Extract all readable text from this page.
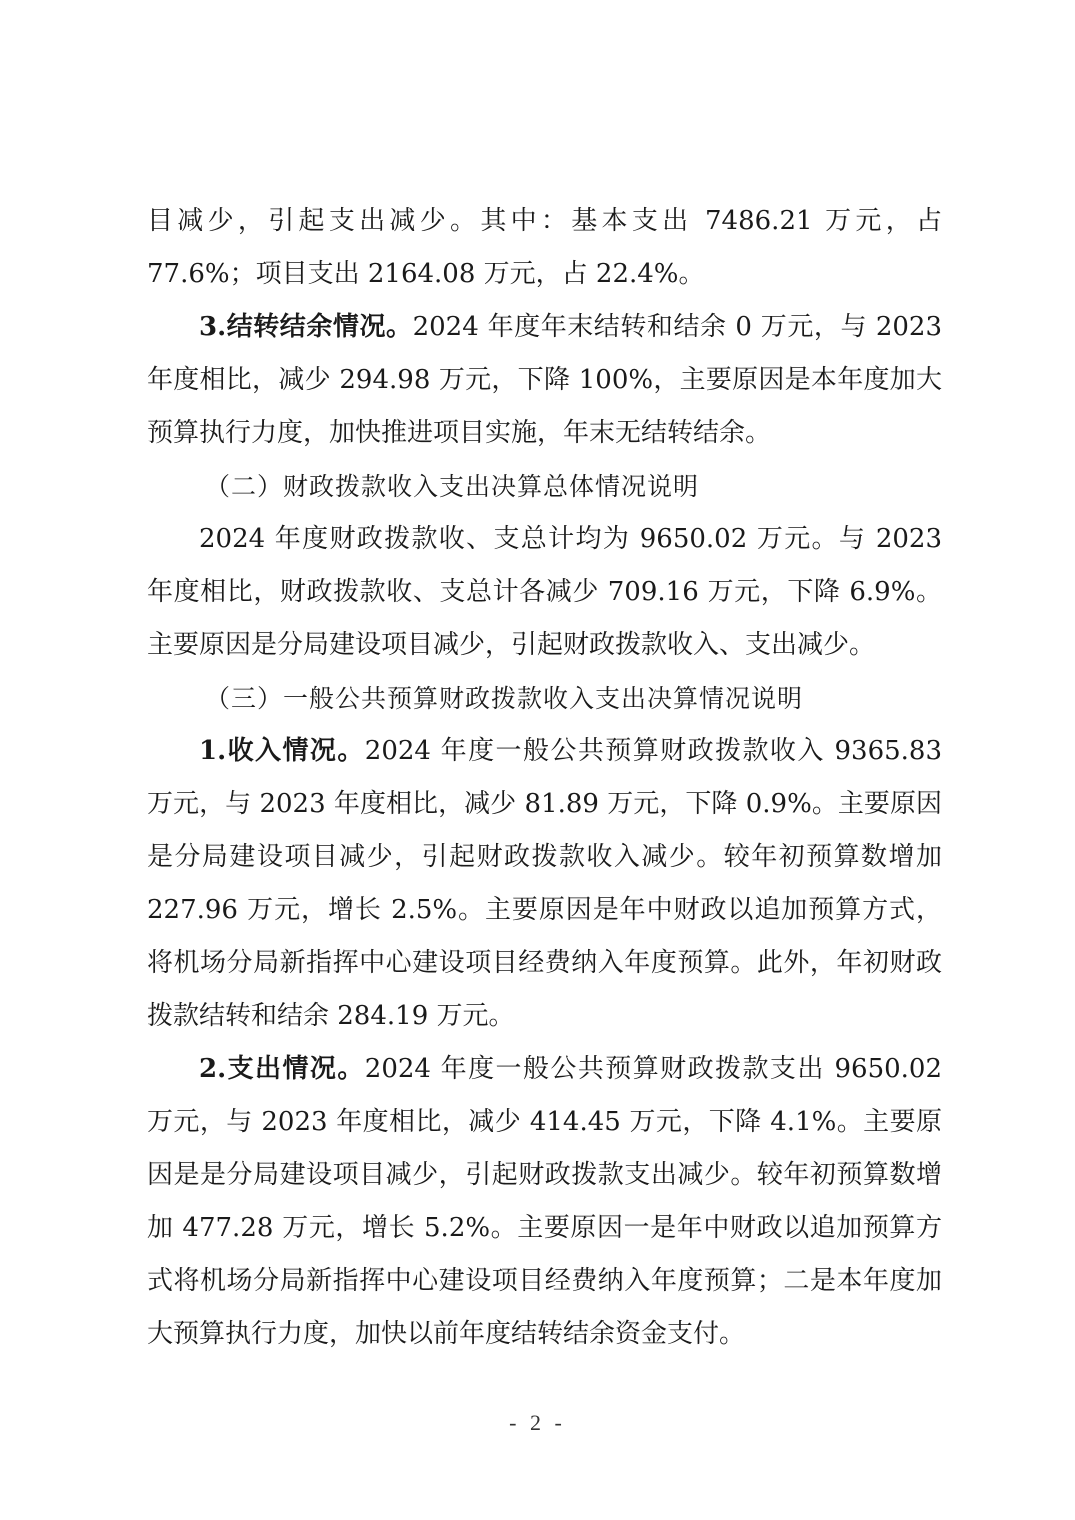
目减少，引起支出减少。其中：基本支出 7486.21 万元，占 77.6%；项目支出 2164.08 万元，占 22.4%。

3.结转结余情况。2024 年度年末结转和结余 0 万元，与 2023 年度相比，减少 294.98 万元，下降 100%，主要原因是本年度加大预算执行力度，加快推进项目实施，年末无结转结余。

（二）财政拨款收入支出决算总体情况说明

2024 年度财政拨款收、支总计均为 9650.02 万元。与 2023 年度相比，财政拨款收、支总计各减少 709.16 万元，下降 6.9%。主要原因是分局建设项目减少，引起财政拨款收入、支出减少。

（三）一般公共预算财政拨款收入支出决算情况说明

1.收入情况。2024 年度一般公共预算财政拨款收入 9365.83 万元，与 2023 年度相比，减少 81.89 万元，下降 0.9%。主要原因是分局建设项目减少，引起财政拨款收入减少。较年初预算数增加 227.96 万元，增长 2.5%。主要原因是年中财政以追加预算方式，将机场分局新指挥中心建设项目经费纳入年度预算。此外，年初财政拨款结转和结余 284.19 万元。

2.支出情况。2024 年度一般公共预算财政拨款支出 9650.02 万元，与 2023 年度相比，减少 414.45 万元，下降 4.1%。主要原因是是分局建设项目减少，引起财政拨款支出减少。较年初预算数增加 477.28 万元，增长 5.2%。主要原因一是年中财政以追加预算方式将机场分局新指挥中心建设项目经费纳入年度预算；二是本年度加大预算执行力度，加快以前年度结转结余资金支付。

- 2 -
